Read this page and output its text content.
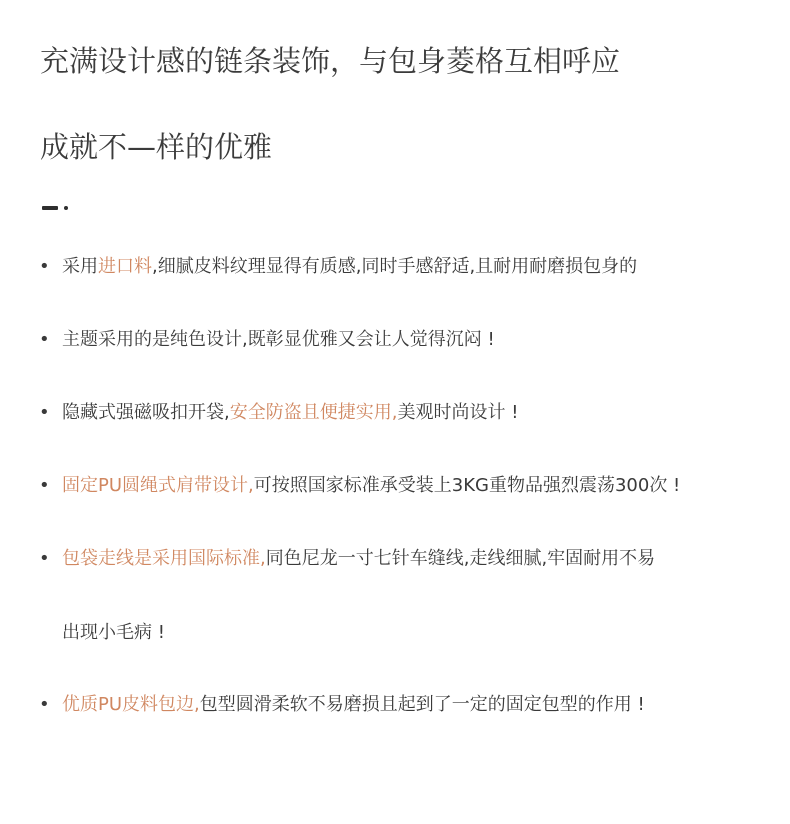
充满设计感的链条装饰，与包身菱格互相呼应
成就不—样的优雅
• 采用进口料,细腻皮料纹理显得有质感,同时手感舒适,且耐用耐磨损包身的
• 主题采用的是纯色设计,既彰显优雅又会让人觉得沉闷 !
• 隐藏式强磁吸扣开袋,安全防盗且便捷实用,美观时尚设计 !
• 固定PU圆绳式肩带设计,可按照国家标准承受装上3KG重物品强烈震荡300次 !
• 包袋走线是采用国际标准,同色尼龙一寸七针车缝线,走线细腻,牢固耐用不易
出现小毛病 !
• 优质PU皮料包边,包型圆滑柔软不易磨损且起到了一定的固定包型的作用 !
